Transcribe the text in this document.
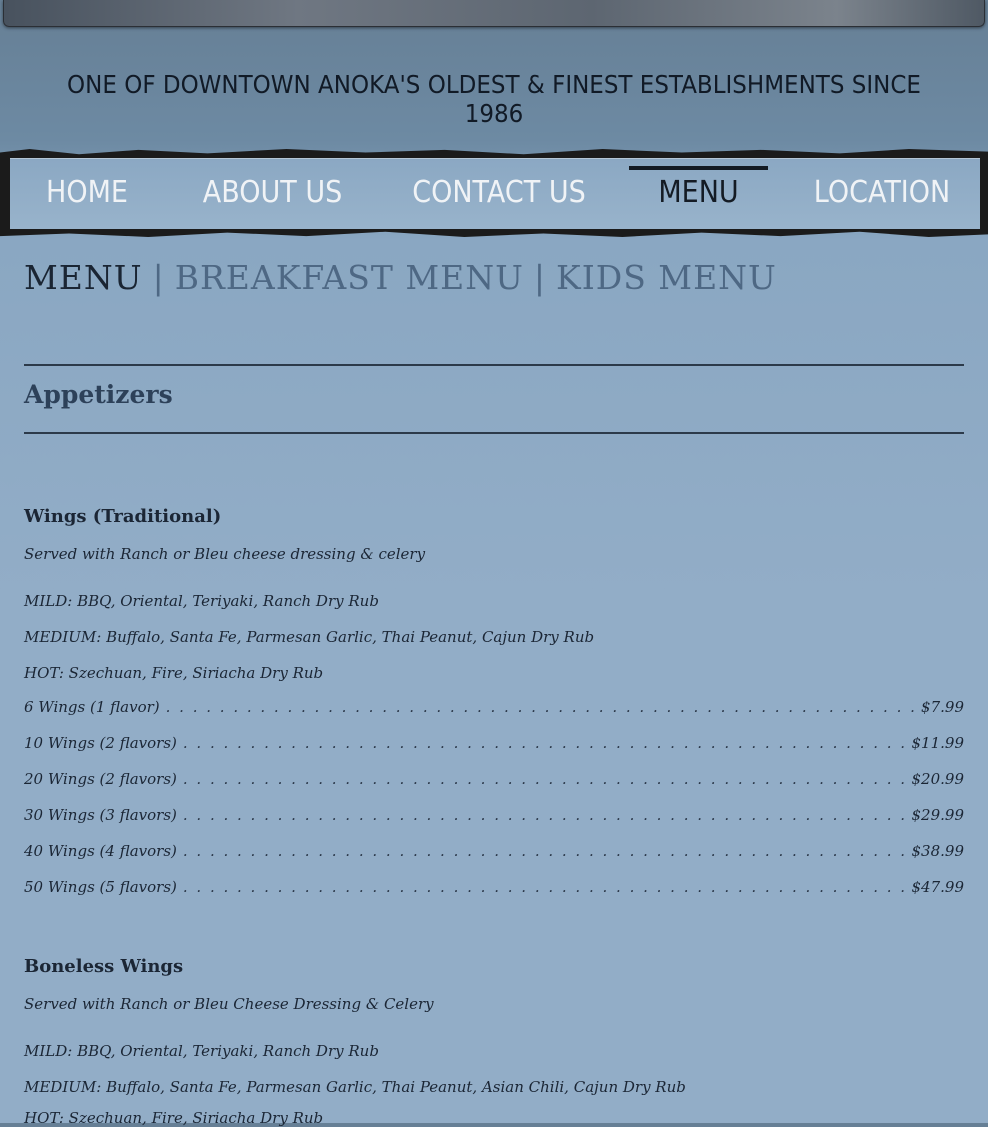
ONE OF DOWNTOWN ANOKA'S OLDEST & FINEST ESTABLISHMENTS SINCE 1986
HOME ABOUT US CONTACT US	MENU	LOCATION
MENU | BREAKFAST MENU | KIDS MENU
Appetizers
Wings (Traditional)
Served with Ranch or Bleu cheese dressing & celery
MILD: BBQ, Oriental, Teriyaki, Ranch Dry Rub
MEDIUM: Buffalo, Santa Fe, Parmesan Garlic, Thai Peanut, Cajun Dry Rub
HOT: Szechuan, Fire, Siriacha Dry Rub
6 Wings (1 flavor) . . .	$7.99
10 Wings (2 flavors) . . .	$11.99
20 Wings (2 flavors) . . .	$20.99
30 Wings (3 flavors) . . .	$29.99
40 Wings (4 flavors) . . .	$38.99
50 Wings (5 flavors) . . .	$47.99
Boneless Wings
Served with Ranch or Bleu Cheese Dressing & Celery
MILD: BBQ, Oriental, Teriyaki, Ranch Dry Rub
MEDIUM: Buffalo, Santa Fe, Parmesan Garlic, Thai Peanut, Asian Chili, Cajun Dry Rub
HOT: Szechuan, Fire, Siriacha Dry Rub
